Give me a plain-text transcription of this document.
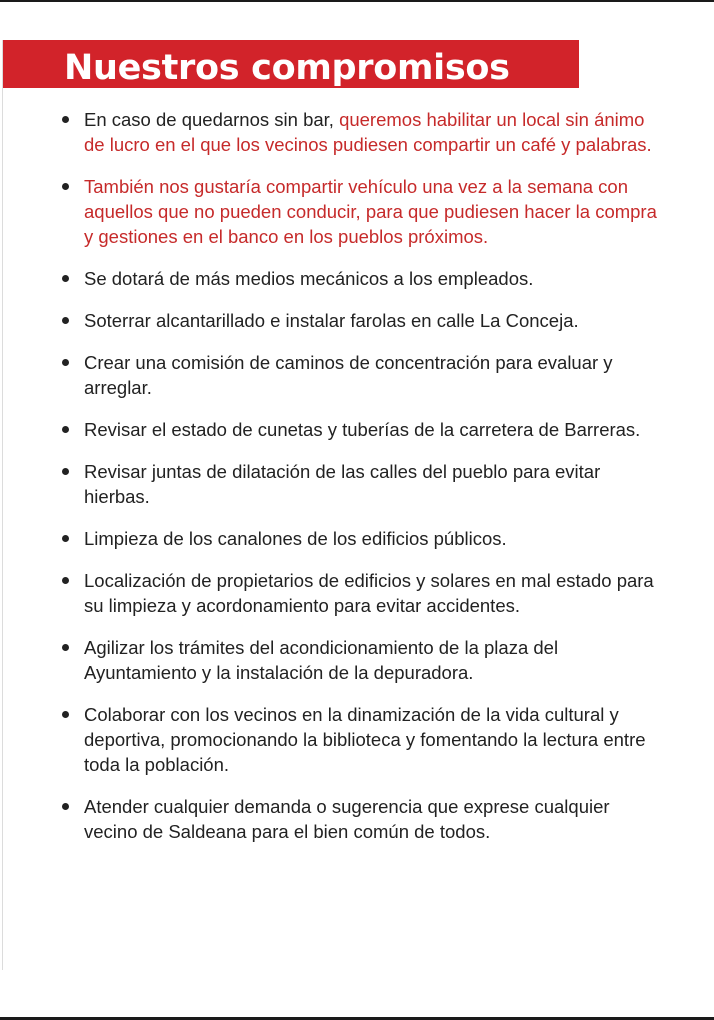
Nuestros compromisos
En caso de quedarnos sin bar, queremos habilitar un local sin ánimo de lucro en el que los vecinos pudiesen compartir un café y palabras.
También nos gustaría compartir vehículo una vez a la semana con aquellos que no pueden conducir, para que pudiesen hacer la compra y gestiones en el banco en los pueblos próximos.
Se dotará de más medios mecánicos a los empleados.
Soterrar alcantarillado e instalar farolas en calle La Conceja.
Crear una comisión de caminos de concentración para evaluar y arreglar.
Revisar el estado de cunetas y tuberías de la carretera de Barreras.
Revisar juntas de dilatación de las calles del pueblo para evitar hierbas.
Limpieza de los canalones de los edificios públicos.
Localización de propietarios de edificios y solares en mal estado para su limpieza y acordonamiento para evitar accidentes.
Agilizar los trámites del acondicionamiento de la plaza del Ayuntamiento y la instalación de la depuradora.
Colaborar con los vecinos en la dinamización de la vida cultural y deportiva, promocionando la biblioteca y fomentando la lectura entre toda la población.
Atender cualquier demanda o sugerencia que exprese cualquier vecino de Saldeana para el bien común de todos.
